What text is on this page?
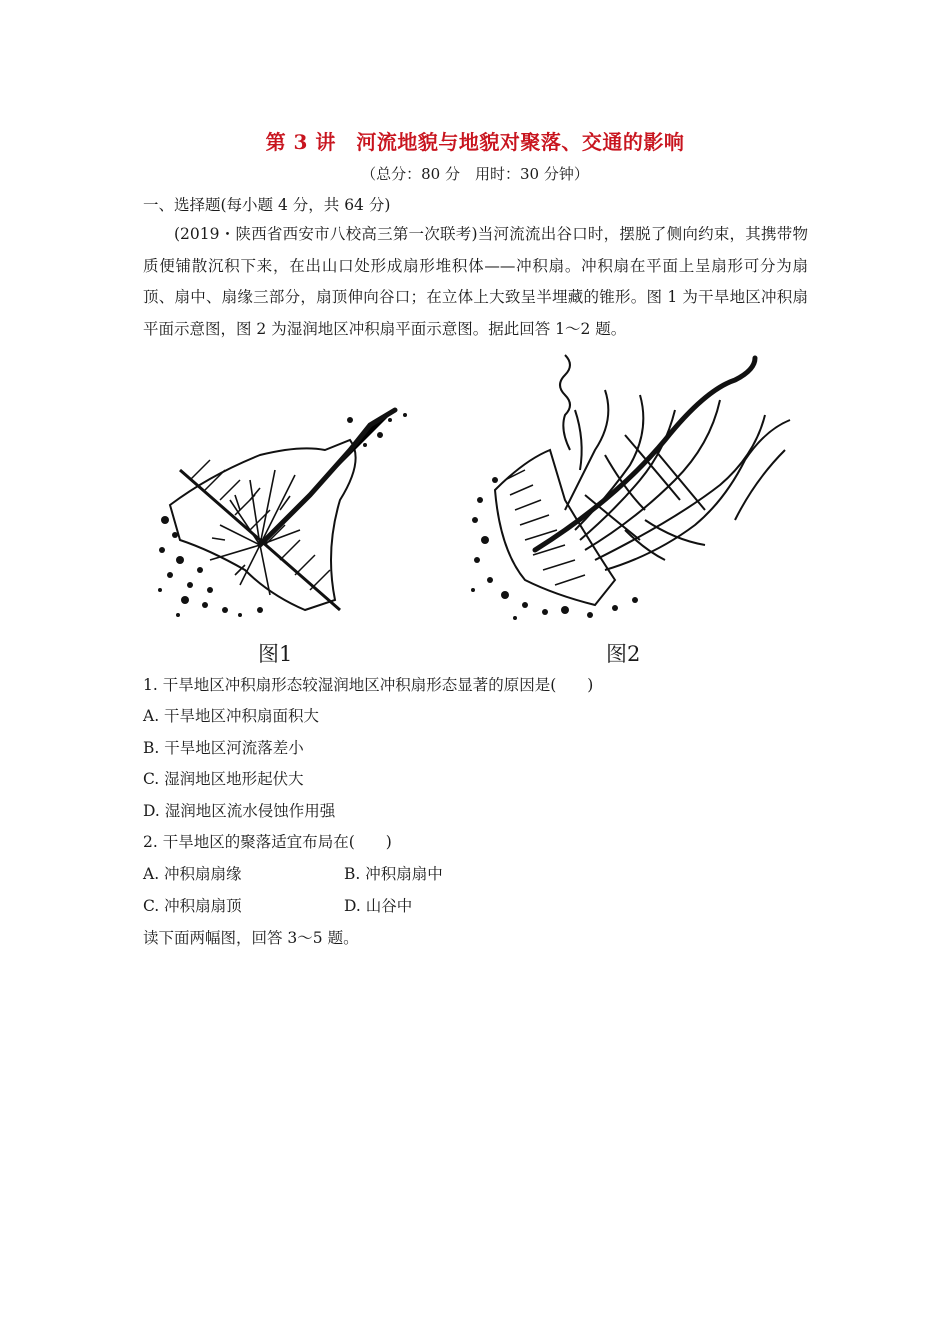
第 3 讲　河流地貌与地貌对聚落、交通的影响
（总分：80 分　用时：30 分钟）
一、选择题(每小题 4 分，共 64 分)
(2019・陕西省西安市八校高三第一次联考)当河流流出谷口时，摆脱了侧向约束，其携带物质便铺散沉积下来，在出山口处形成扇形堆积体——冲积扇。冲积扇在平面上呈扇形可分为扇顶、扇中、扇缘三部分，扇顶伸向谷口；在立体上大致呈半埋藏的锥形。图 1 为干旱地区冲积扇平面示意图，图 2 为湿润地区冲积扇平面示意图。据此回答 1～2 题。
图1	图2
1. 干旱地区冲积扇形态较湿润地区冲积扇形态显著的原因是(　　)
A. 干旱地区冲积扇面积大
B. 干旱地区河流落差小
C. 湿润地区地形起伏大
D. 湿润地区流水侵蚀作用强
2. 干旱地区的聚落适宜布局在(　　)
A. 冲积扇扇缘	B. 冲积扇扇中
C. 冲积扇扇顶	D. 山谷中
读下面两幅图，回答 3～5 题。
